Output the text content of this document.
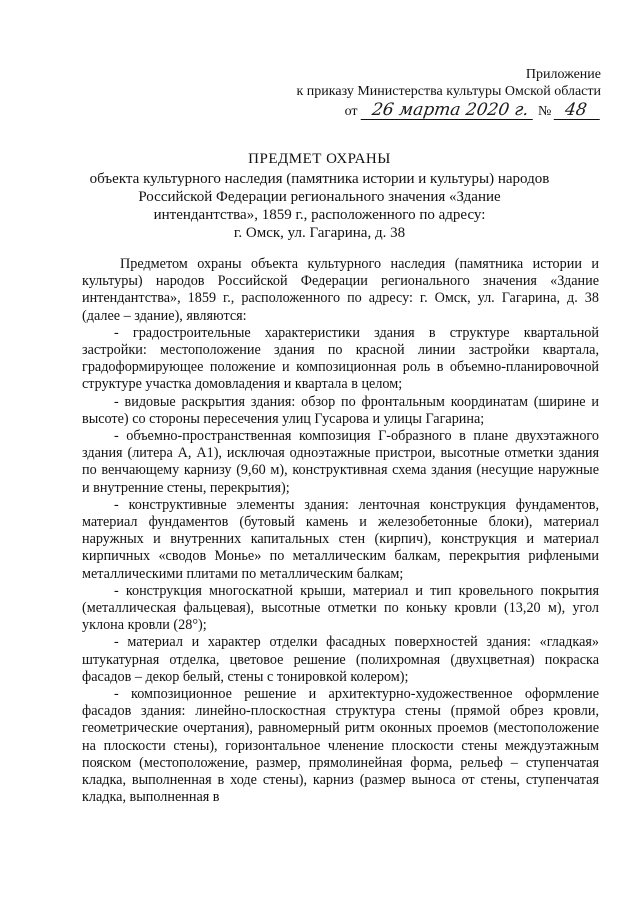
Приложение
к приказу Министерства культуры Омской области
от 26 марта 2020 г. № 48
ПРЕДМЕТ ОХРАНЫ
объекта культурного наследия (памятника истории и культуры) народов
Российской Федерации регионального значения «Здание
интендантства», 1859 г., расположенного по адресу:
г. Омск, ул. Гагарина, д. 38

Предметом охраны объекта культурного наследия (памятника истории и культуры) народов Российской Федерации регионального значения «Здание интендантства», 1859 г., расположенного по адресу: г. Омск, ул. Гагарина, д. 38 (далее – здание), являются:

- градостроительные характеристики здания в структуре квартальной застройки: местоположение здания по красной линии застройки квартала, градоформирующее положение и композиционная роль в объемно-планировочной структуре участка домовладения и квартала в целом;

- видовые раскрытия здания: обзор по фронтальным координатам (ширине и высоте) со стороны пересечения улиц Гусарова и улицы Гагарина;

- объемно-пространственная композиция Г-образного в плане двухэтажного здания (литера А, А1), исключая одноэтажные пристрои, высотные отметки здания по венчающему карнизу (9,60 м), конструктивная схема здания (несущие наружные и внутренние стены, перекрытия);

- конструктивные элементы здания: ленточная конструкция фундаментов, материал фундаментов (бутовый камень и железобетонные блоки), материал наружных и внутренних капитальных стен (кирпич), конструкция и материал кирпичных «сводов Монье» по металлическим балкам, перекрытия рифлеными металлическими плитами по металлическим балкам;

- конструкция многоскатной крыши, материал и тип кровельного покрытия (металлическая фальцевая), высотные отметки по коньку кровли (13,20 м), угол уклона кровли (28°);

- материал и характер отделки фасадных поверхностей здания: «гладкая» штукатурная отделка, цветовое решение (полихромная (двухцветная) покраска фасадов – декор белый, стены с тонировкой колером);

- композиционное решение и архитектурно-художественное оформление фасадов здания: линейно-плоскостная структура стены (прямой обрез кровли, геометрические очертания), равномерный ритм оконных проемов (местоположение на плоскости стены), горизонтальное членение плоскости стены междуэтажным пояском (местоположение, размер, прямолинейная форма, рельеф – ступенчатая кладка, выполненная в ходе стены), карниз (размер выноса от стены, ступенчатая кладка, выполненная в
